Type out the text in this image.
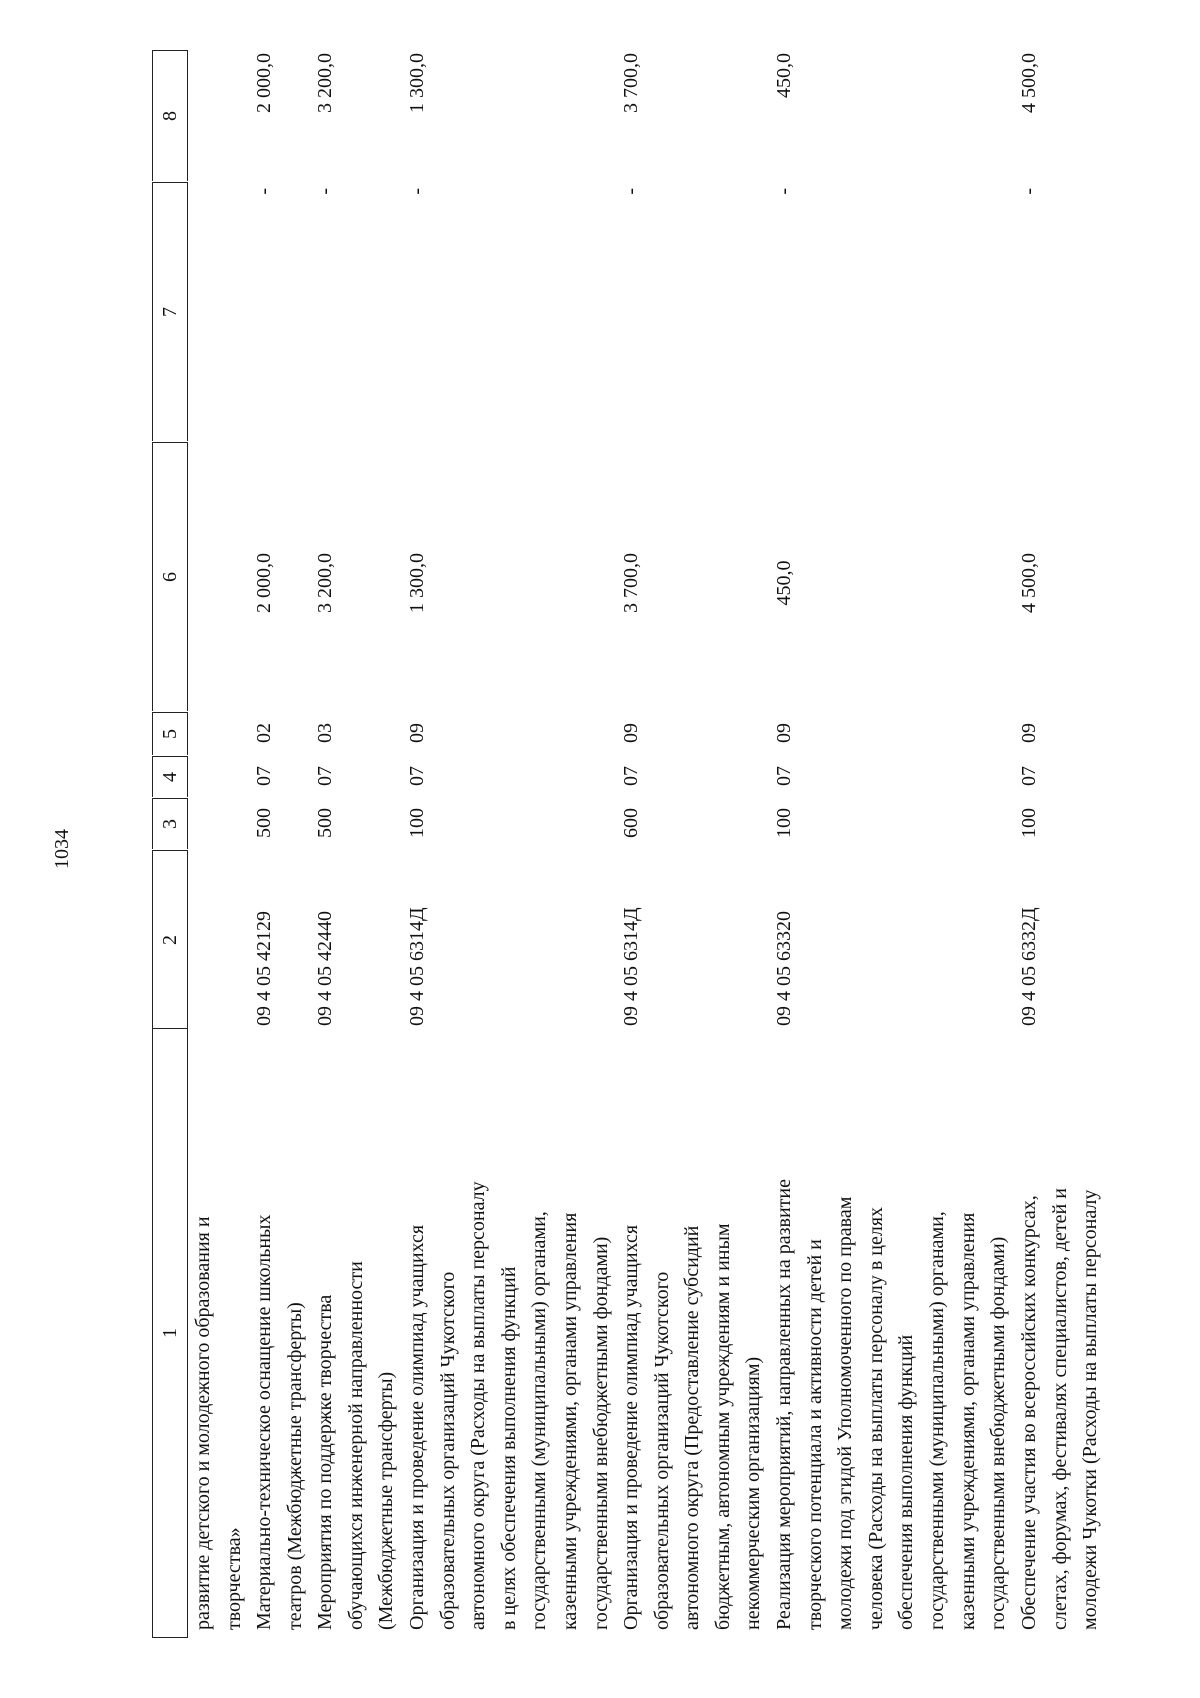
1034
1
2
3
4
5
6
7
8
развитие детского и молодежного образования и творчества» Материально-техническое оснащение школьных театров (Межбюджетные трансферты)
09 4 05 42129
500
07
02
2 000,0
-
2 000,0
Мероприятия по поддержке творчества обучающихся инженерной направленности (Межбюджетные трансферты)
09 4 05 42440
500
07
03
3 200,0
-
3 200,0
Организация и проведение олимпиад учащихся образовательных организаций Чукотского автономного округа (Расходы на выплаты персоналу в целях обеспечения выполнения функций государственными (муниципальными) органами, казенными учреждениями, органами управления государственными внебюджетными фондами)
09 4 05 6314Д
100
07
09
1 300,0
-
1 300,0
Организация и проведение олимпиад учащихся образовательных организаций Чукотского автономного округа (Предоставление субсидий бюджетным, автономным учреждениям и иным некоммерческим организациям)
09 4 05 6314Д
600
07
09
3 700,0
-
3 700,0
Реализация мероприятий, направленных на развитие творческого потенциала и активности детей и молодежи под эгидой Уполномоченного по правам человека (Расходы на выплаты персоналу в целях обеспечения выполнения функций государственными (муниципальными) органами, казенными учреждениями, органами управления государственными внебюджетными фондами)
09 4 05 63320
100
07
09
450,0
-
450,0
Обеспечение участия во всероссийских конкурсах, слетах, форумах, фестивалях специалистов, детей и молодежи Чукотки (Расходы на выплаты персоналу
09 4 05 6332Д
100
07
09
4 500,0
-
4 500,0
